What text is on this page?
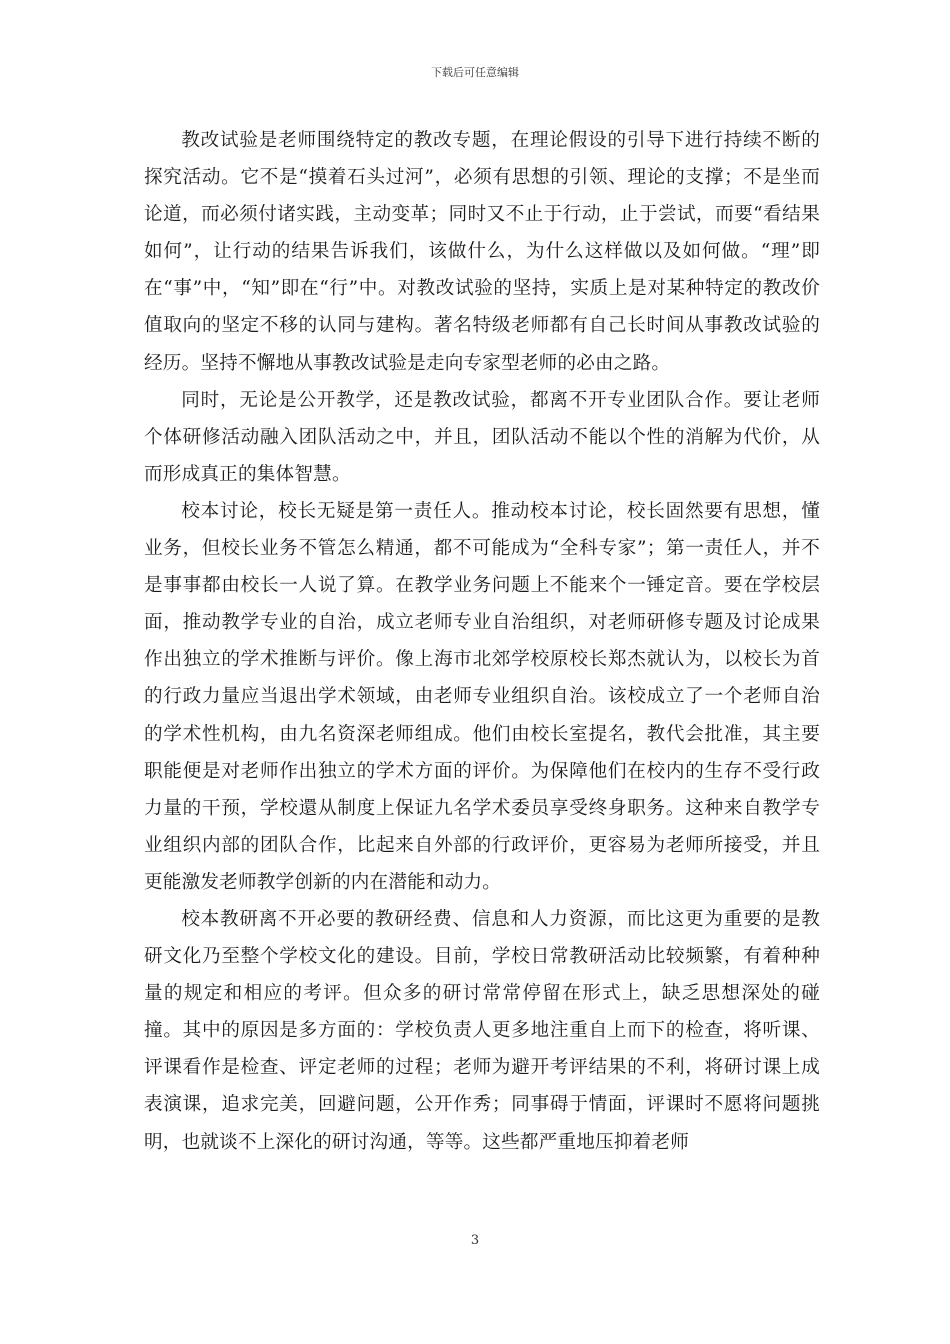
下载后可任意编辑

教改试验是老师围绕特定的教改专题，在理论假设的引导下进行持续不断的探究活动。它不是“摸着石头过河”，必须有思想的引领、理论的支撑；不是坐而论道，而必须付诸实践，主动变革；同时又不止于行动，止于尝试，而要“看结果如何”，让行动的结果告诉我们，该做什么，为什么这样做以及如何做。“理”即在“事”中，“知”即在“行”中。对教改试验的坚持，实质上是对某种特定的教改价值取向的坚定不移的认同与建构。著名特级老师都有自己长时间从事教改试验的经历。坚持不懈地从事教改试验是走向专家型老师的必由之路。

同时，无论是公开教学，还是教改试验，都离不开专业团队合作。要让老师个体研修活动融入团队活动之中，并且，团队活动不能以个性的消解为代价，从而形成真正的集体智慧。

校本讨论，校长无疑是第一责任人。推动校本讨论，校长固然要有思想，懂业务，但校长业务不管怎么精通，都不可能成为“全科专家”；第一责任人，并不是事事都由校长一人说了算。在教学业务问题上不能来个一锤定音。要在学校层面，推动教学专业的自治，成立老师专业自治组织，对老师研修专题及讨论成果作出独立的学术推断与评价。像上海市北郊学校原校长郑杰就认为，以校长为首的行政力量应当退出学术领域，由老师专业组织自治。该校成立了一个老师自治的学术性机构，由九名资深老师组成。他们由校长室提名，教代会批准，其主要职能便是对老师作出独立的学术方面的评价。为保障他们在校内的生存不受行政力量的干预，学校還从制度上保证九名学术委员享受终身职务。这种来自教学专业组织内部的团队合作，比起来自外部的行政评价，更容易为老师所接受，并且更能激发老师教学创新的内在潜能和动力。

校本教研离不开必要的教研经费、信息和人力资源，而比这更为重要的是教研文化乃至整个学校文化的建设。目前，学校日常教研活动比较频繁，有着种种量的规定和相应的考评。但众多的研讨常常停留在形式上，缺乏思想深处的碰撞。其中的原因是多方面的：学校负责人更多地注重自上而下的检查，将听课、评课看作是检查、评定老师的过程；老师为避开考评结果的不利，将研讨课上成表演课，追求完美，回避问题，公开作秀；同事碍于情面，评课时不愿将问题挑明，也就谈不上深化的研讨沟通，等等。这些都严重地压抑着老师

3
